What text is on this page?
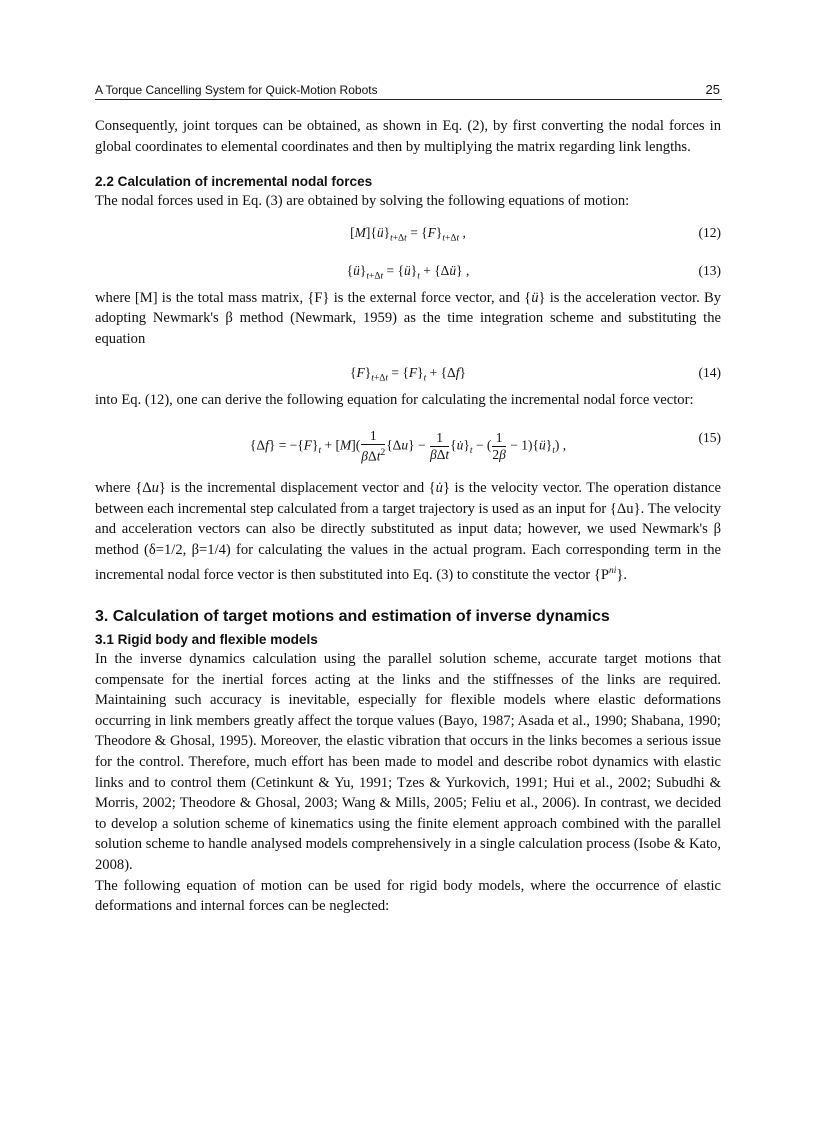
A Torque Cancelling System for Quick-Motion Robots	25

Consequently, joint torques can be obtained, as shown in Eq. (2), by first converting the nodal forces in global coordinates to elemental coordinates and then by multiplying the matrix regarding link lengths.

2.2 Calculation of incremental nodal forces

The nodal forces used in Eq. (3) are obtained by solving the following equations of motion:

$[M]\{ü\}_{t+\Delta t} = \{F\}_{t+\Delta t}$ ,	(12)
$\{ü\}_{t+\Delta t}$ = $\{ü\}_t$ + {Δü} ,	(13)

where [M] is the total mass matrix, {F} is the external force vector, and {ü} is the acceleration vector. By adopting Newmark's β method (Newmark, 1959) as the time integration scheme and substituting the equation

$\{F\}_{t+\Delta t} = \{F\}_t + \{\Delta f\}$	(14)

into Eq. (12), one can derive the following equation for calculating the incremental nodal force vector:

$\{\Delta f\} = -\{F\}_t + [M]( \frac{1}{\beta\Delta t^2} \{\Delta u\} - \frac{1}{\text{βΔt}}$ $\{u̇\}_t$ − ( $\frac{1}{2\beta}$ − $1)\{ü\}_t$) ,	(15)

where {Δu} is the incremental displacement vector and {u̇} is the velocity vector. The operation distance between each incremental step calculated from a target trajectory is used as an input for {Δu}. The velocity and acceleration vectors can also be directly substituted as input data; however, we used Newmark's β method (δ=1/2, β=1/4) for calculating the values in the actual program. Each corresponding term in the incremental nodal force vector is then substituted into Eq. (3) to constitute the vector $\{P^{ni}\}$.

3. Calculation of target motions and estimation of inverse dynamics
3.1 Rigid body and flexible models

In the inverse dynamics calculation using the parallel solution scheme, accurate target motions that compensate for the inertial forces acting at the links and the stiffnesses of the links are required. Maintaining such accuracy is inevitable, especially for flexible models where elastic deformations occurring in link members greatly affect the torque values (Bayo, 1987; Asada et al., 1990; Shabana, 1990; Theodore & Ghosal, 1995). Moreover, the elastic vibration that occurs in the links becomes a serious issue for the control. Therefore, much effort has been made to model and describe robot dynamics with elastic links and to control them (Cetinkunt & Yu, 1991; Tzes & Yurkovich, 1991; Hui et al., 2002; Subudhi & Morris, 2002; Theodore & Ghosal, 2003; Wang & Mills, 2005; Feliu et al., 2006). In contrast, we decided to develop a solution scheme of kinematics using the finite element approach combined with the parallel solution scheme to handle analysed models comprehensively in a single calculation process (Isobe & Kato, 2008).

The following equation of motion can be used for rigid body models, where the occurrence of elastic deformations and internal forces can be neglected:
